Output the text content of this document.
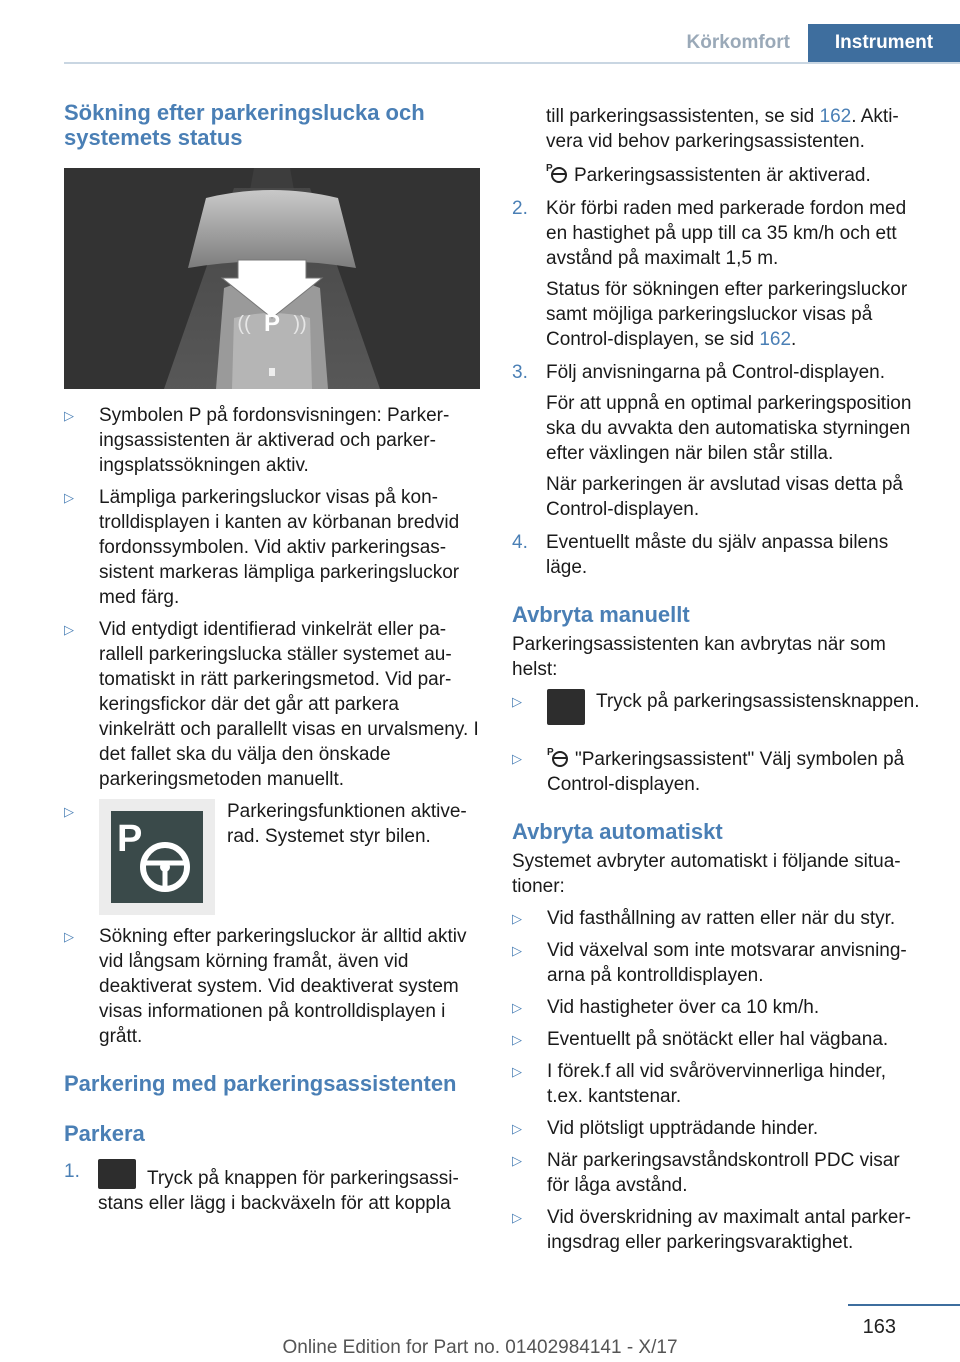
Körkomfort	Instrument
Sökning efter parkeringslucka och systemets status
P
(( ))
▷ Symbolen P på fordonsvisningen: Parkeringsassistenten är aktiverad och parkeringsplatssökningen aktiv.
▷ Lämpliga parkeringsluckor visas på kontrolldisplayen i kanten av körbanan bredvid fordonssymbolen. Vid aktiv parkeringsassistent markeras lämpliga parkeringsluckor med färg.
▷ Vid entydigt identifierad vinkelrät eller parallell parkeringslucka ställer systemet automatiskt in rätt parkeringsmetod. Vid parkeringsfickor där det går att parkera vinkelrätt och parallellt visas en urvalsmeny. I det fallet ska du välja den önskade parkeringsmetoden manuellt.
▷
P
Parkeringsfunktionen aktiverad. Systemet styr bilen.
▷ Sökning efter parkeringsluckor är alltid aktiv vid långsam körning framåt, även vid deaktiverat system. Vid deaktiverat system visas informationen på kontrolldisplayen i grått.
Parkering med parkeringsassistenten
Parkera
1.	Tryck på knappen för parkeringsassistans eller lägg i backväxeln för att koppla

till parkeringsassistenten, se sid 162. Aktivera vid behov parkeringsassistenten.

P Parkeringsassistenten är aktiverad.
2. Kör förbi raden med parkerade fordon med en hastighet på upp till ca 35 km/h och ett avstånd på maximalt 1,5 m.
Status för sökningen efter parkeringsluckor samt möjliga parkeringsluckor visas på Control-displayen, se sid 162.
3. Följ anvisningarna på Control-displayen.
För att uppnå en optimal parkeringsposition ska du avvakta den automatiska styrningen efter växlingen när bilen står stilla.
När parkeringen är avslutad visas detta på Control-displayen.
4. Eventuellt måste du själv anpassa bilens läge.
Avbryta manuellt

Parkeringsassistenten kan avbrytas när som helst:

▷	Tryck på parkeringsassistensknappen.
▷	P "Parkeringsassistent" Välj symbolen på Control-displayen.
Avbryta automatiskt

Systemet avbryter automatiskt i följande situationer:

▷ Vid fasthållning av ratten eller när du styr.
▷ Vid växelval som inte motsvarar anvisningarna på kontrolldisplayen.
▷ Vid hastigheter över ca 10 km/h.
▷ Eventuellt på snötäckt eller hal vägbana.
▷ I förek.f all vid svårövervinnerliga hinder, t.ex. kantstenar.
▷ Vid plötsligt uppträdande hinder.
▷ När parkeringsavståndskontroll PDC visar för låga avstånd.
▷ Vid överskridning av maximalt antal parkeringsdrag eller parkeringsvaraktighet.
163
Online Edition for Part no. 01402984141 - X/17
